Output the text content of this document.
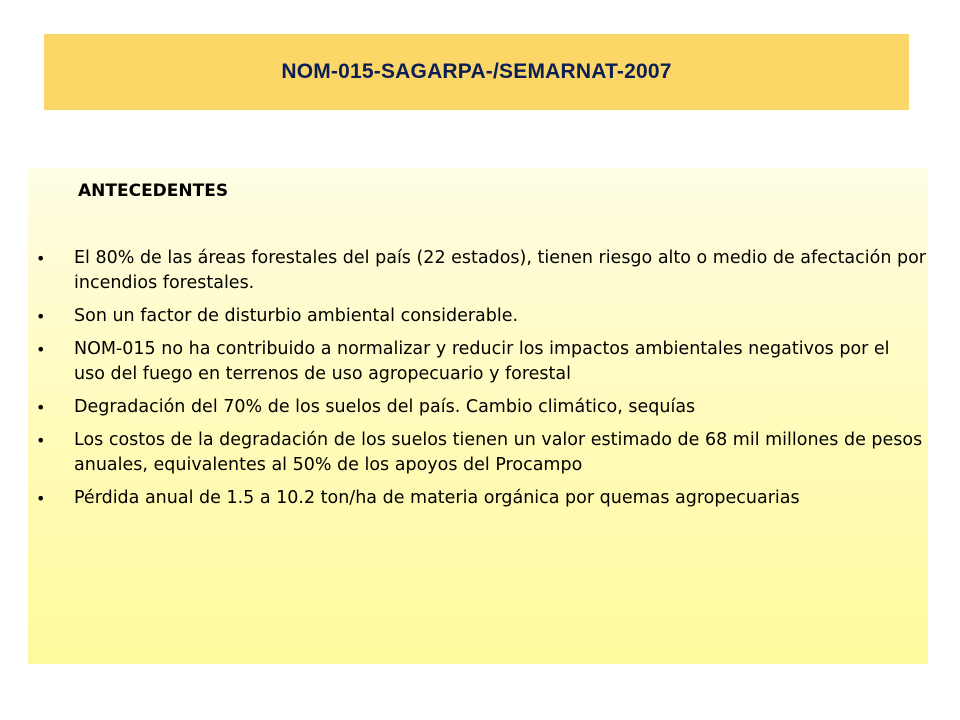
NOM-015-SAGARPA-/SEMARNAT-2007
ANTECEDENTES
• El 80% de las áreas forestales del país (22 estados), tienen riesgo alto o medio de afectación por incendios forestales.
• Son un factor de disturbio ambiental considerable.
• NOM-015 no ha contribuido a normalizar y reducir los impactos ambientales negativos por el uso del fuego en terrenos de uso agropecuario y forestal
• Degradación del 70% de los suelos del país. Cambio climático, sequías
• Los costos de la degradación de los suelos tienen un valor estimado de 68 mil millones de pesos anuales, equivalentes al 50% de los apoyos del Procampo
• Pérdida anual de 1.5 a 10.2 ton/ha de materia orgánica por quemas agropecuarias
